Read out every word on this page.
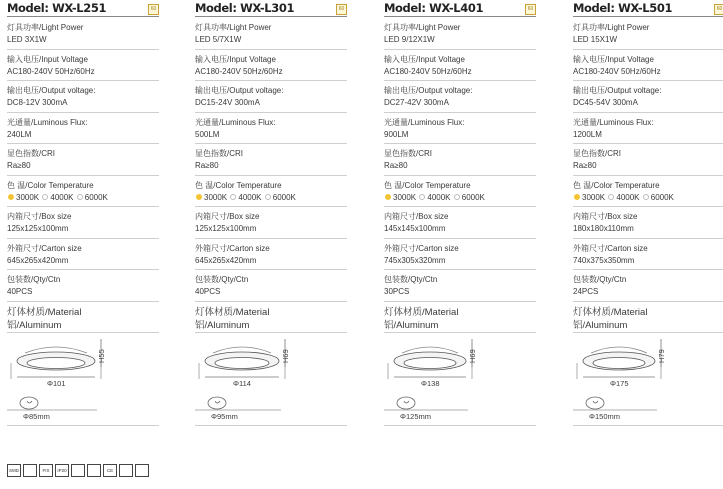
Model: WX-L251	60
灯具功率/Light Power
LED 3X1W
输入电压/Input Voltage
AC180-240V 50Hz/60Hz
输出电压/Output voltage:
DC8-12V 300mA
光通量/Luminous Flux:
240LM
显色指数/CRI
Ra≥80
色 温/Color Temperature
3000K
4000K
6000K

内箱尺寸/Box size
125x125x100mm
外箱尺寸/Carton size
645x265x420mm
包装数/Qty/Ctn
40PCS
灯体材质/Material
铝/Aluminum
H55
Φ101
Φ85mm
Model: WX-L301	60
灯具功率/Light Power
LED 5/7X1W
输入电压/Input Voltage
AC180-240V 50Hz/60Hz
输出电压/Output voltage:
DC15-24V 300mA
光通量/Luminous Flux:
500LM
显色指数/CRI
Ra≥80
色 温/Color Temperature
3000K
4000K
6000K

内箱尺寸/Box size
125x125x100mm
外箱尺寸/Carton size
645x265x420mm
包装数/Qty/Ctn
40PCS
灯体材质/Material
铝/Aluminum
H69
Φ114
Φ95mm
Model: WX-L401	60
灯具功率/Light Power
LED 9/12X1W
输入电压/Input Voltage
AC180-240V 50Hz/60Hz
输出电压/Output voltage:
DC27-42V 300mA
光通量/Luminous Flux:
900LM
显色指数/CRI
Ra≥80
色 温/Color Temperature
3000K
4000K
6000K

内箱尺寸/Box size
145x145x100mm
外箱尺寸/Carton size
745x305x320mm
包装数/Qty/Ctn
30PCS
灯体材质/Material
铝/Aluminum
H69
Φ138
Φ125mm
Model: WX-L501	60
灯具功率/Light Power
LED 15X1W
输入电压/Input Voltage
AC180-240V 50Hz/60Hz
输出电压/Output voltage:
DC45-54V 300mA
光通量/Luminous Flux:
1200LM
显色指数/CRI
Ra≥80
色 温/Color Temperature
3000K
4000K
6000K

内箱尺寸/Box size
180x180x110mm
外箱尺寸/Carton size
740x375x350mm
包装数/Qty/Ctn
24PCS
灯体材质/Material
铝/Aluminum
H79
Φ175
Φ150mm
SMD	FIX	IP20	CE
